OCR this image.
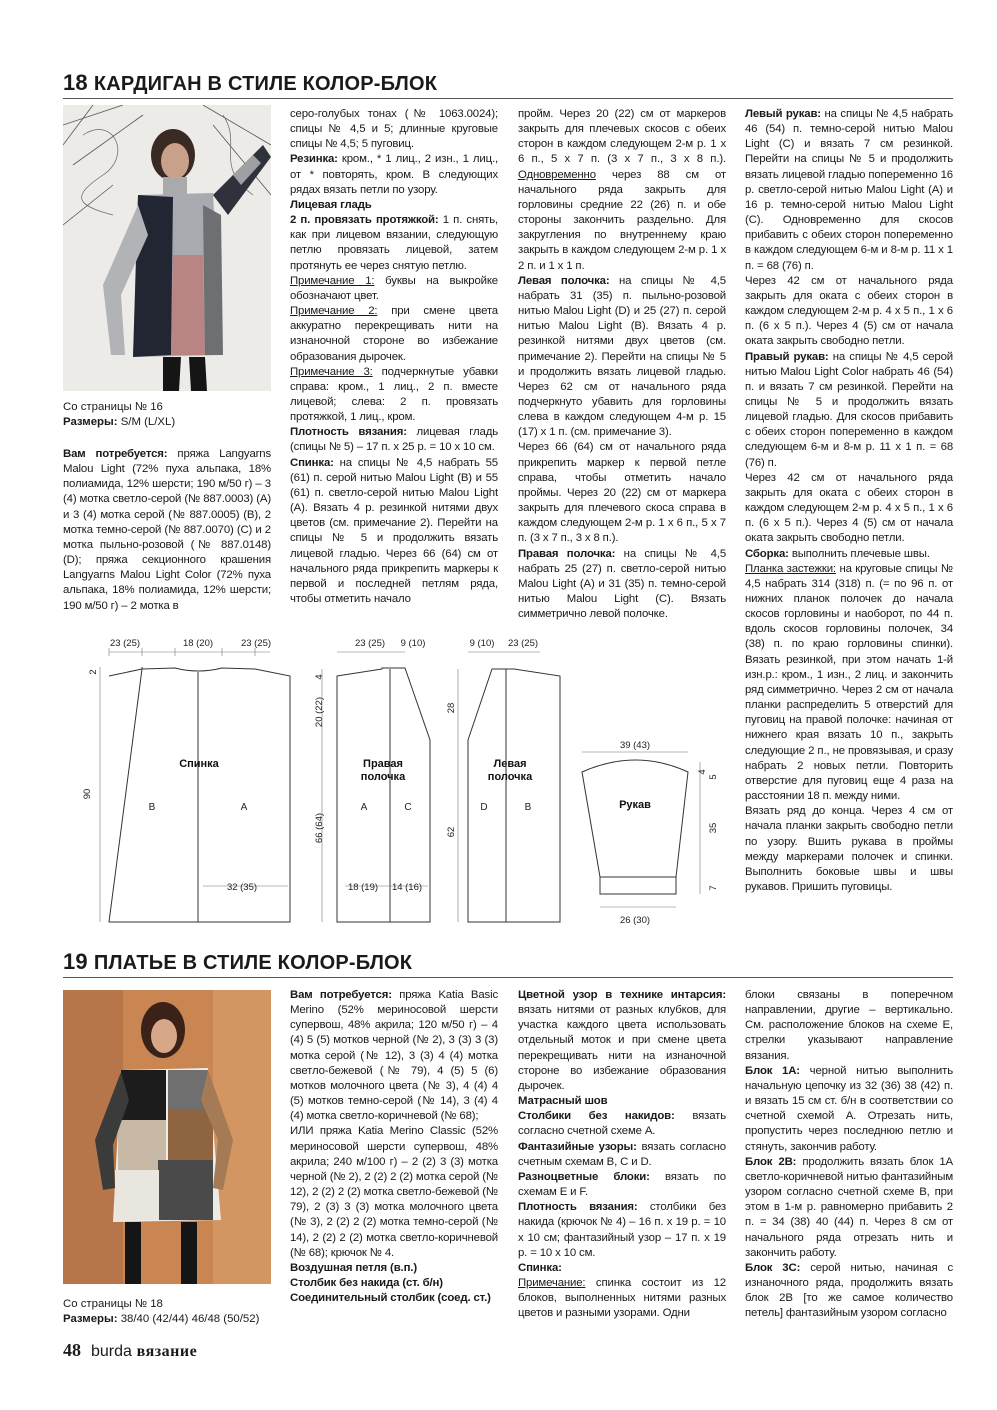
18 КАРДИГАН В СТИЛЕ КОЛОР-БЛОК
Со страницы № 16
Размеры: S/M (L/XL)

Вам потребуется: пряжа Langyarns Malou Light (72% пуха альпака, 18% полиамида, 12% шерсти; 190 м/50 г) – 3 (4) мотка светло-серой (№ 887.0003) (A) и 3 (4) мотка серой (№ 887.0005) (B), 2 мотка темно-серой (№ 887.0070) (C) и 2 мотка пыльно-розовой (№ 887.0148) (D); пряжа секционного крашения Langyarns Malou Light Color (72% пуха альпака, 18% полиамида, 12% шерсти; 190 м/50 г) – 2 мотка в

серо-голубых тонах (№ 1063.0024); спицы № 4,5 и 5; длинные круговые спицы № 4,5; 5 пуговиц.

Резинка: кром., * 1 лиц., 2 изн., 1 лиц., от * повторять, кром. В следующих рядах вязать петли по узору.

Лицевая гладь

2 п. провязать протяжкой: 1 п. снять, как при лицевом вязании, следующую петлю провязать лицевой, затем протянуть ее через снятую петлю.

Примечание 1: буквы на выкройке обозначают цвет.

Примечание 2: при смене цвета аккуратно перекрещивать нити на изнаночной стороне во избежание образования дырочек.

Примечание 3: подчеркнутые убавки справа: кром., 1 лиц., 2 п. вместе лицевой; слева: 2 п. провязать протяжкой, 1 лиц., кром.

Плотность вязания: лицевая гладь (спицы № 5) – 17 п. х 25 р. = 10 х 10 см.

Спинка: на спицы № 4,5 набрать 55 (61) п. серой нитью Malou Light (B) и 55 (61) п. светло-серой нитью Malou Light (A). Вязать 4 р. резинкой нитями двух цветов (см. примечание 2). Перейти на спицы № 5 и продолжить вязать лицевой гладью. Через 66 (64) см от начального ряда прикрепить маркеры к первой и последней петлям ряда, чтобы отметить начало

пройм. Через 20 (22) см от маркеров закрыть для плечевых скосов с обеих сторон в каждом следующем 2-м р. 1 х 6 п., 5 х 7 п. (3 х 7 п., 3 х 8 п.). Одновременно через 88 см от начального ряда закрыть для горловины средние 22 (26) п. и обе стороны закончить раздельно. Для закругления по внутреннему краю закрыть в каждом следующем 2-м р. 1 х 2 п. и 1 х 1 п.

Левая полочка: на спицы № 4,5 набрать 31 (35) п. пыльно-розовой нитью Malou Light (D) и 25 (27) п. серой нитью Malou Light (B). Вязать 4 р. резинкой нитями двух цветов (см. примечание 2). Перейти на спицы № 5 и продолжить вязать лицевой гладью. Через 62 см от начального ряда подчеркнуто убавить для горловины слева в каждом следующем 4-м р. 15 (17) х 1 п. (см. примечание 3).

Через 66 (64) см от начального ряда прикрепить маркер к первой петле справа, чтобы отметить начало проймы. Через 20 (22) см от маркера закрыть для плечевого скоса справа в каждом следующем 2-м р. 1 х 6 п., 5 х 7 п. (3 х 7 п., 3 х 8 п.).

Правая полочка: на спицы № 4,5 набрать 25 (27) п. светло-серой нитью Malou Light (A) и 31 (35) п. темно-серой нитью Malou Light (C). Вязать симметрично левой полочке.

Левый рукав: на спицы № 4,5 набрать 46 (54) п. темно-серой нитью Malou Light (C) и вязать 7 см резинкой. Перейти на спицы № 5 и продолжить вязать лицевой гладью попеременно 16 р. светло-серой нитью Malou Light (A) и 16 р. темно-серой нитью Malou Light (C). Одновременно для скосов прибавить с обеих сторон попеременно в каждом следующем 6-м и 8-м р. 11 х 1 п. = 68 (76) п.

Через 42 см от начального ряда закрыть для оката с обеих сторон в каждом следующем 2-м р. 4 х 5 п., 1 х 6 п. (6 х 5 п.). Через 4 (5) см от начала оката закрыть свободно петли.

Правый рукав: на спицы № 4,5 серой нитью Malou Light Color набрать 46 (54) п. и вязать 7 см резинкой. Перейти на спицы № 5 и продолжить вязать лицевой гладью. Для скосов прибавить с обеих сторон попеременно в каждом следующем 6-м и 8-м р. 11 х 1 п. = 68 (76) п.

Через 42 см от начального ряда закрыть для оката с обеих сторон в каждом следующем 2-м р. 4 х 5 п., 1 х 6 п. (6 х 5 п.). Через 4 (5) см от начала оката закрыть свободно петли.

Сборка: выполнить плечевые швы.

Планка застежки: на круговые спицы № 4,5 набрать 314 (318) п. (= по 96 п. от нижних планок полочек до начала скосов горловины и наоборот, по 44 п. вдоль скосов горловины полочек, 34 (38) п. по краю горловины спинки). Вязать резинкой, при этом начать 1-й изн.р.: кром., 1 изн., 2 лиц. и закончить ряд симметрично. Через 2 см от начала планки распределить 5 отверстий для пуговиц на правой полочке: начиная от нижнего края вязать 10 п., закрыть следующие 2 п., не провязывая, и сразу набрать 2 новых петли. Повторить отверстие для пуговиц еще 4 раза на расстоянии 18 п. между ними.

Вязать ряд до конца. Через 4 см от начала планки закрыть свободно петли по узору. Вшить рукава в проймы между маркерами полочек и спинки. Выполнить боковые швы и швы рукавов. Пришить пуговицы.

23 (25)	18 (20)	23 (25)
2
90
32 (35)
23 (25) 9 (10)
4
20 (22)
66 (64)
18 (19) 14 (16)
9 (10) 23 (25)
28
62
39 (43)
4
5
35
7
26 (30)
B	A	A	C	D	B
Спинка	Правая
полочка
Левая
полочка
Рукав
19 ПЛАТЬЕ В СТИЛЕ КОЛОР-БЛОК
Со страницы № 18
Размеры: 38/40 (42/44) 46/48 (50/52)

Вам потребуется: пряжа Katia Basic Merino (52% мериносовой шерсти супервош, 48% акрила; 120 м/50 г) – 4 (4) 5 (5) мотков черной (№ 2), 3 (3) 3 (3) мотка серой (№ 12), 3 (3) 4 (4) мотка светло-бежевой (№ 79), 4 (5) 5 (6) мотков молочного цвета (№ 3), 4 (4) 4 (5) мотков темно-серой (№ 14), 3 (4) 4 (4) мотка светло-коричневой (№ 68);

ИЛИ пряжа Katia Merino Classic (52% мериносовой шерсти супервош, 48% акрила; 240 м/100 г) – 2 (2) 3 (3) мотка черной (№ 2), 2 (2) 2 (2) мотка серой (№ 12), 2 (2) 2 (2) мотка светло-бежевой (№ 79), 2 (3) 3 (3) мотка молочного цвета (№ 3), 2 (2) 2 (2) мотка темно-серой (№ 14), 2 (2) 2 (2) мотка светло-коричневой (№ 68); крючок № 4.

Воздушная петля (в.п.)

Столбик без накида (ст. б/н)

Соединительный столбик (соед. ст.)

Цветной узор в технике интарсия: вязать нитями от разных клубков, для участка каждого цвета использовать отдельный моток и при смене цвета перекрещивать нити на изнаночной стороне во избежание образования дырочек.

Матрасный шов

Столбики без накидов: вязать согласно счетной схеме А.

Фантазийные узоры: вязать согласно счетным схемам B, C и D.

Разноцветные блоки: вязать по схемам E и F.

Плотность вязания: столбики без накида (крючок № 4) – 16 п. х 19 р. = 10 х 10 см; фантазийный узор – 17 п. х 19 р. = 10 х 10 см.

Спинка:

Примечание: спинка состоит из 12 блоков, выполненных нитями разных цветов и разными узорами. Одни

блоки связаны в поперечном направлении, другие – вертикально. См. расположение блоков на схеме E, стрелки указывают направление вязания.

Блок 1A: черной нитью выполнить начальную цепочку из 32 (36) 38 (42) п. и вязать 15 см ст. б/н в соответствии со счетной схемой А. Отрезать нить, пропустить через последнюю петлю и стянуть, закончив работу.

Блок 2B: продолжить вязать блок 1A светло-коричневой нитью фантазийным узором согласно счетной схеме B, при этом в 1-м р. равномерно прибавить 2 п. = 34 (38) 40 (44) п. Через 8 см от начального ряда отрезать нить и закончить работу.

Блок 3C: серой нитью, начиная с изнаночного ряда, продолжить вязать блок 2B [то же самое количество петель] фантазийным узором согласно

48 burda вязание
